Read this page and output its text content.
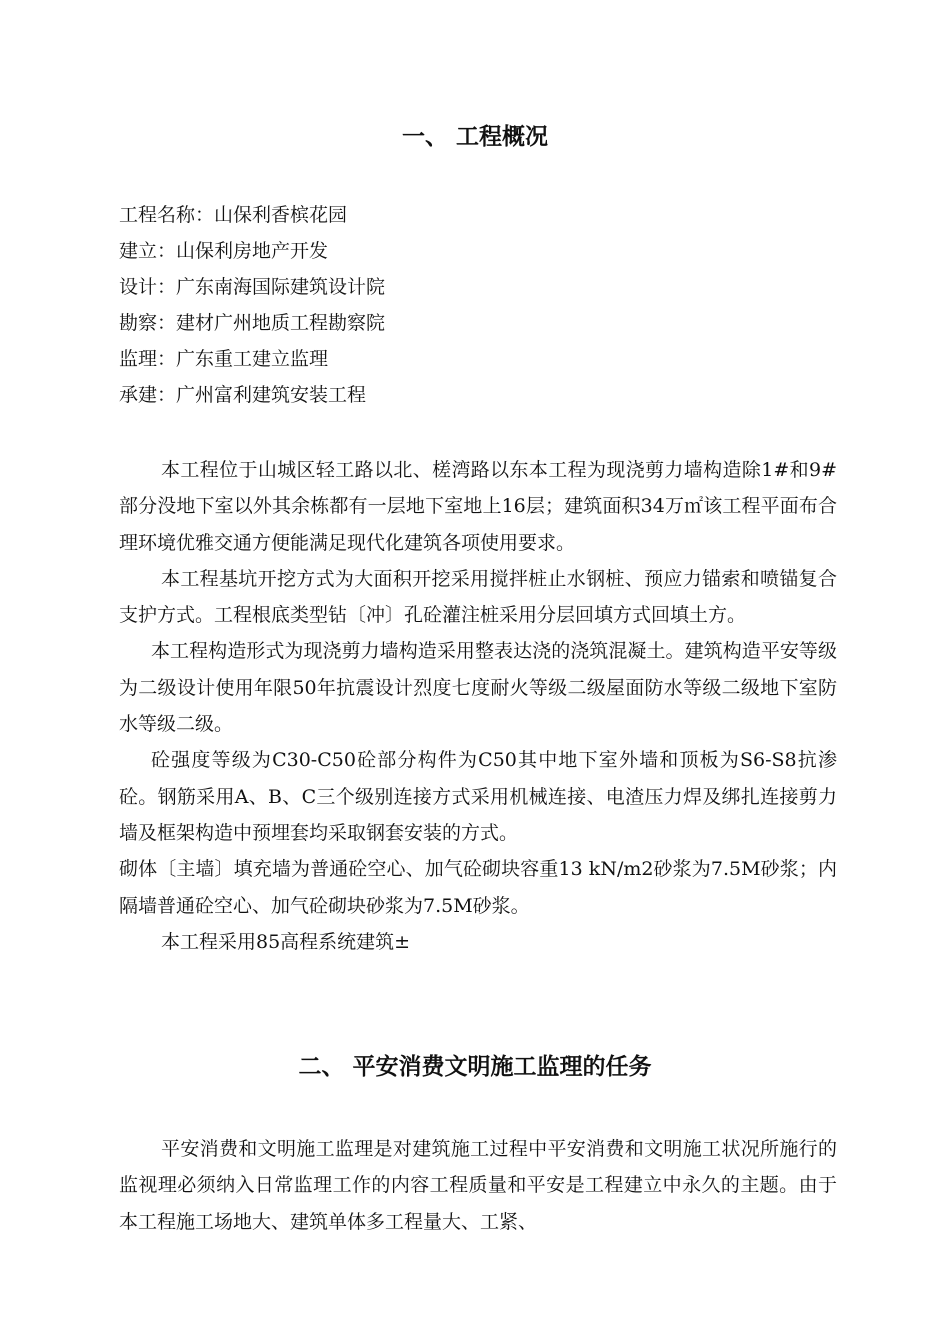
一、 工程概况

工程名称：山保利香槟花园

建立：山保利房地产开发

设计：广东南海国际建筑设计院

勘察：建材广州地质工程勘察院

监理：广东重工建立监理

承建：广州富利建筑安装工程

本工程位于山城区轻工路以北、槎湾路以东本工程为现浇剪力墙构造除1#和9#部分没地下室以外其余栋都有一层地下室地上16层；建筑面积34万㎡该工程平面布合理环境优雅交通方便能满足现代化建筑各项使用要求。

本工程基坑开挖方式为大面积开挖采用搅拌桩止水钢桩、预应力锚索和喷锚复合支护方式。工程根底类型钻〔冲〕孔砼灌注桩采用分层回填方式回填土方。

本工程构造形式为现浇剪力墙构造采用整表达浇的浇筑混凝土。建筑构造平安等级为二级设计使用年限50年抗震设计烈度七度耐火等级二级屋面防水等级二级地下室防水等级二级。

砼强度等级为C30-C50砼部分构件为C50其中地下室外墙和顶板为S6-S8抗渗砼。钢筋采用A、B、C三个级别连接方式采用机械连接、电渣压力焊及绑扎连接剪力墙及框架构造中预埋套均采取钢套安装的方式。

砌体〔主墙〕填充墙为普通砼空心、加气砼砌块容重13 kN/m2砂浆为7.5M砂浆；内隔墙普通砼空心、加气砼砌块砂浆为7.5M砂浆。

本工程采用85高程系统建筑±

二、 平安消费文明施工监理的任务

平安消费和文明施工监理是对建筑施工过程中平安消费和文明施工状况所施行的监视理必须纳入日常监理工作的内容工程质量和平安是工程建立中永久的主题。由于本工程施工场地大、建筑单体多工程量大、工紧、
